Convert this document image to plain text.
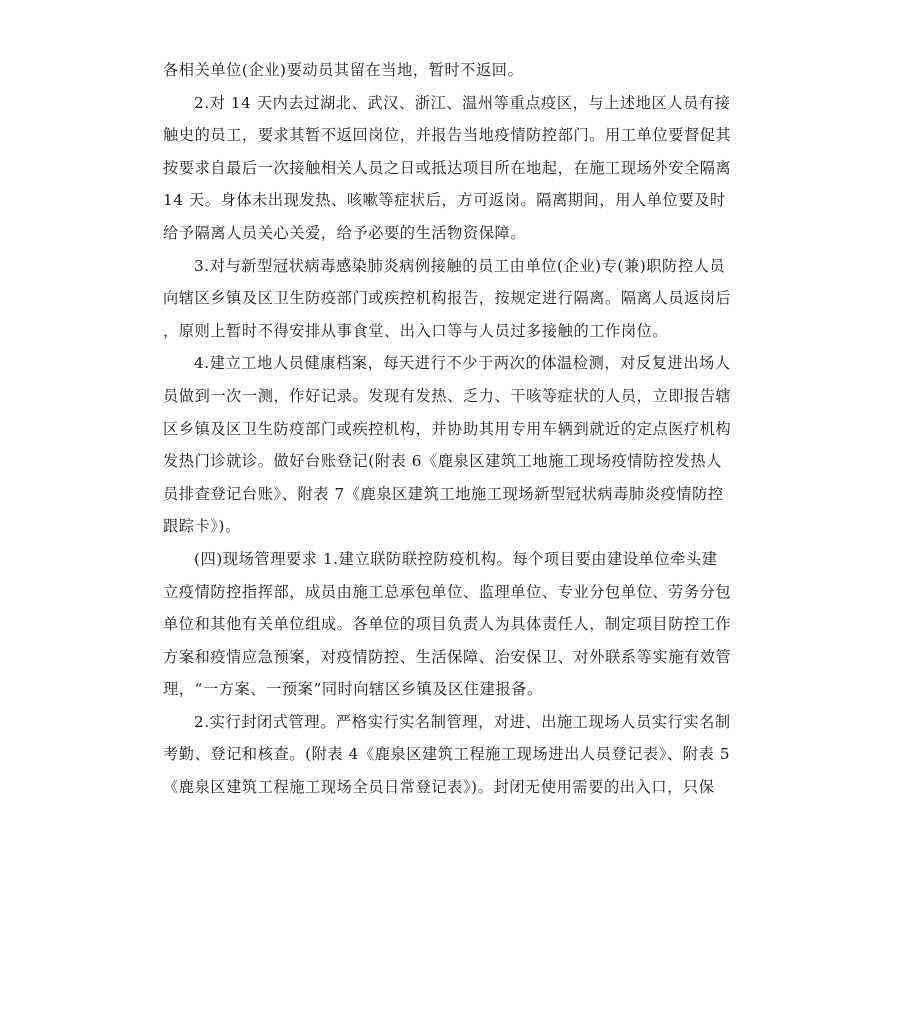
各相关单位(企业)要动员其留在当地，暂时不返回。
2.对 14 天内去过湖北、武汉、浙江、温州等重点疫区，与上述地区人员有接
触史的员工，要求其暂不返回岗位，并报告当地疫情防控部门。用工单位要督促其
按要求自最后一次接触相关人员之日或抵达项目所在地起，在施工现场外安全隔离
14 天。身体未出现发热、咳嗽等症状后，方可返岗。隔离期间，用人单位要及时
给予隔离人员关心关爱，给予必要的生活物资保障。
3.对与新型冠状病毒感染肺炎病例接触的员工由单位(企业)专(兼)职防控人员
向辖区乡镇及区卫生防疫部门或疾控机构报告，按规定进行隔离。隔离人员返岗后
，原则上暂时不得安排从事食堂、出入口等与人员过多接触的工作岗位。
4.建立工地人员健康档案，每天进行不少于两次的体温检测，对反复进出场人
员做到一次一测，作好记录。发现有发热、乏力、干咳等症状的人员，立即报告辖
区乡镇及区卫生防疫部门或疾控机构，并协助其用专用车辆到就近的定点医疗机构
发热门诊就诊。做好台账登记(附表 6《鹿泉区建筑工地施工现场疫情防控发热人
员排查登记台账》、附表 7《鹿泉区建筑工地施工现场新型冠状病毒肺炎疫情防控
跟踪卡》)。
(四)现场管理要求 1.建立联防联控防疫机构。每个项目要由建设单位牵头建
立疫情防控指挥部，成员由施工总承包单位、监理单位、专业分包单位、劳务分包
单位和其他有关单位组成。各单位的项目负责人为具体责任人，制定项目防控工作
方案和疫情应急预案，对疫情防控、生活保障、治安保卫、对外联系等实施有效管
理，“一方案、一预案”同时向辖区乡镇及区住建报备。
2.实行封闭式管理。严格实行实名制管理，对进、出施工现场人员实行实名制
考勤、登记和核查。(附表 4《鹿泉区建筑工程施工现场进出人员登记表》、附表 5
《鹿泉区建筑工程施工现场全员日常登记表》)。封闭无使用需要的出入口，只保
